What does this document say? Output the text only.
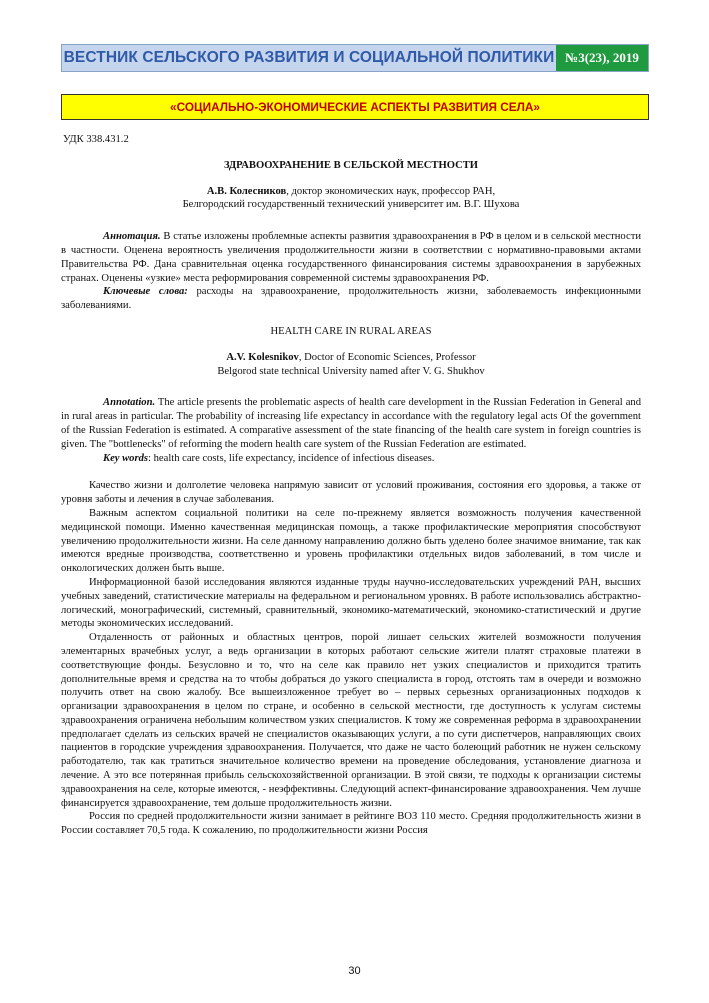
ВЕСТНИК СЕЛЬСКОГО РАЗВИТИЯ И СОЦИАЛЬНОЙ ПОЛИТИКИ №3(23), 2019
«СОЦИАЛЬНО-ЭКОНОМИЧЕСКИЕ АСПЕКТЫ РАЗВИТИЯ СЕЛА»
УДК 338.431.2
ЗДРАВООХРАНЕНИЕ В СЕЛЬСКОЙ МЕСТНОСТИ

А.В. Колесников, доктор экономических наук, профессор РАН,

Белгородский государственный технический университет им. В.Г. Шухова

Аннотация. В статье изложены проблемные аспекты развития здравоохранения в РФ в целом и в сельской местности в частности. Оценена вероятность увеличения продолжительности жизни в соответствии с нормативно-правовыми актами Правительства РФ. Дана сравнительная оценка государственного финансирования системы здравоохранения в зарубежных странах. Оценены «узкие» места реформирования современной системы здравоохранения РФ.

Ключевые слова: расходы на здравоохранение, продолжительность жизни, заболеваемость инфекционными заболеваниями.

HEALTH CARE IN RURAL AREAS

A.V. Kolesnikov, Doctor of Economic Sciences, Professor

Belgorod state technical University named after V. G. Shukhov

Annotation. The article presents the problematic aspects of health care development in the Russian Federation in General and in rural areas in particular. The probability of increasing life expectancy in accordance with the regulatory legal acts Of the government of the Russian Federation is estimated. A comparative assessment of the state financing of the health care system in foreign countries is given. The "bottlenecks" of reforming the modern health care system of the Russian Federation are estimated.

Key words: health care costs, life expectancy, incidence of infectious diseases.

Качество жизни и долголетие человека напрямую зависит от условий проживания, состояния его здоровья, а также от уровня заботы и лечения в случае заболевания.

Важным аспектом социальной политики на селе по-прежнему является возможность получения качественной медицинской помощи. Именно качественная медицинская помощь, а также профилактические мероприятия способствуют увеличению продолжительности жизни. На селе данному направлению должно быть уделено более значимое внимание, так как имеются вредные производства, соответственно и уровень профилактики отдельных видов заболеваний, в том числе и онкологических должен быть выше.

Информационной базой исследования являются изданные труды научно-исследовательских учреждений РАН, высших учебных заведений, статистические материалы на федеральном и региональном уровнях. В работе использовались абстрактно-логический, монографический, системный, сравнительный, экономико-математический, экономико-статистический и другие методы экономических исследований.

Отдаленность от районных и областных центров, порой лишает сельских жителей возможности получения элементарных врачебных услуг, а ведь организации в которых работают сельские жители платят страховые платежи в соответствующие фонды. Безусловно и то, что на селе как правило нет узких специалистов и приходится тратить дополнительные время и средства на то чтобы добраться до узкого специалиста в город, отстоять там в очереди и возможно получить ответ на свою жалобу. Все вышеизложенное требует во – первых серьезных организационных подходов к организации здравоохранения в целом по стране, и особенно в сельской местности, где доступность к услугам системы здравоохранения ограничена небольшим количеством узких специалистов. К тому же современная реформа в здравоохранении предполагает сделать из сельских врачей не специалистов оказывающих услуги, а по сути диспетчеров, направляющих своих пациентов в городские учреждения здравоохранения. Получается, что даже не часто болеющий работник не нужен сельскому работодателю, так как тратиться значительное количество времени на проведение обследования, установление диагноза и лечение. А это все потерянная прибыль сельскохозяйственной организации. В этой связи, те подходы к организации системы здравоохранения на селе, которые имеются, - неэффективны. Следующий аспект-финансирование здравоохранения. Чем лучше финансируется здравоохранение, тем дольше продолжительность жизни.

Россия по средней продолжительности жизни занимает в рейтинге ВОЗ 110 место. Средняя продолжительность жизни в России составляет 70,5 года. К сожалению, по продолжительности жизни Россия

30
